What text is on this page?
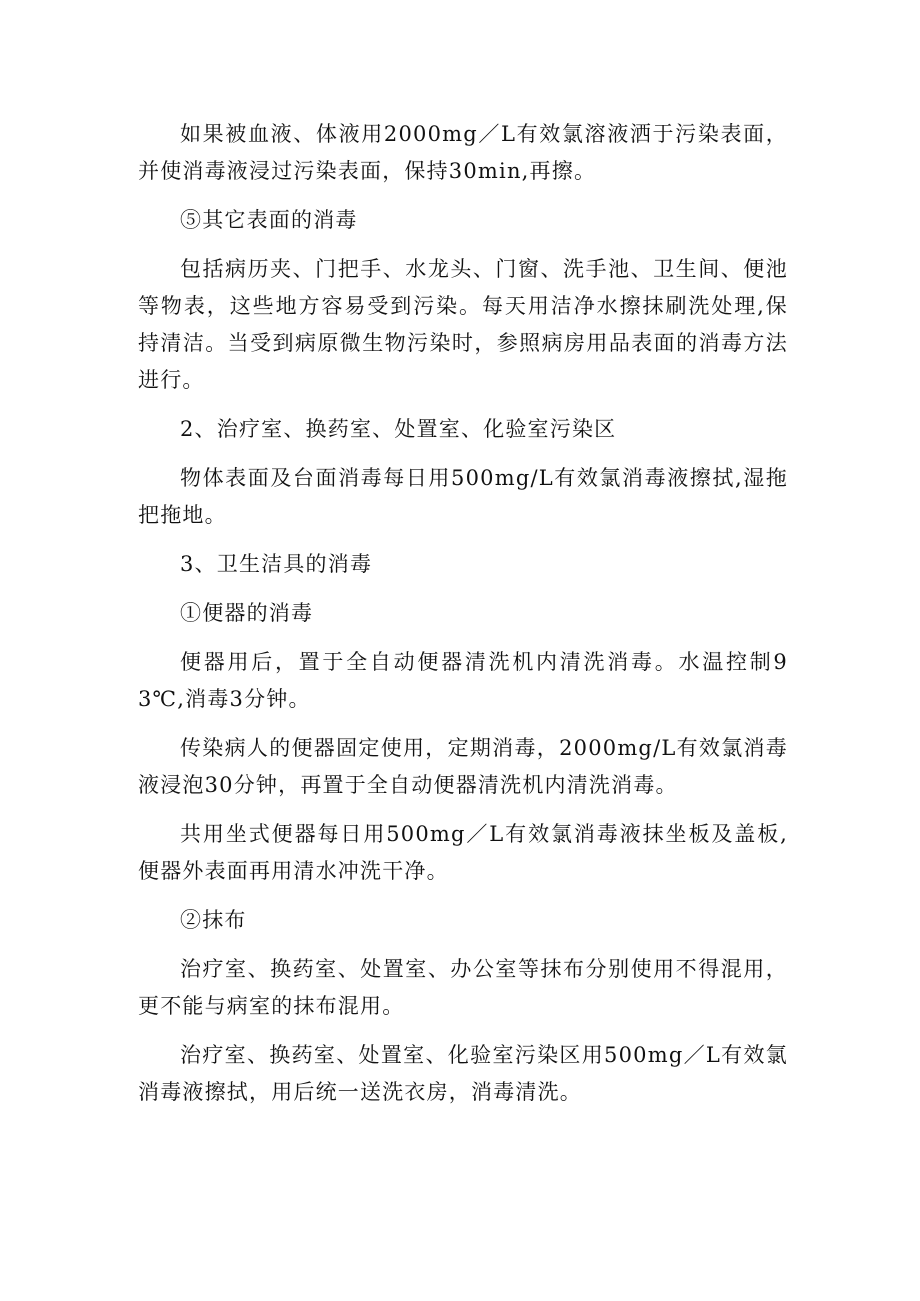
如果被血液、体液用2000mg／L有效氯溶液洒于污染表面，并使消毒液浸过污染表面，保持30min,再擦。

⑤其它表面的消毒

包括病历夹、门把手、水龙头、门窗、洗手池、卫生间、便池等物表，这些地方容易受到污染。每天用洁净水擦抹刷洗处理,保持清洁。当受到病原微生物污染时，参照病房用品表面的消毒方法进行。

2、治疗室、换药室、处置室、化验室污染区

物体表面及台面消毒每日用500mg/L有效氯消毒液擦拭,湿拖把拖地。

3、卫生洁具的消毒

①便器的消毒

便器用后，置于全自动便器清洗机内清洗消毒。水温控制93℃,消毒3分钟。

传染病人的便器固定使用，定期消毒，2000mg/L有效氯消毒液浸泡30分钟，再置于全自动便器清洗机内清洗消毒。

共用坐式便器每日用500mg／L有效氯消毒液抹坐板及盖板,便器外表面再用清水冲洗干净。

②抹布

治疗室、换药室、处置室、办公室等抹布分别使用不得混用，更不能与病室的抹布混用。

治疗室、换药室、处置室、化验室污染区用500mg／L有效氯消毒液擦拭，用后统一送洗衣房，消毒清洗。
